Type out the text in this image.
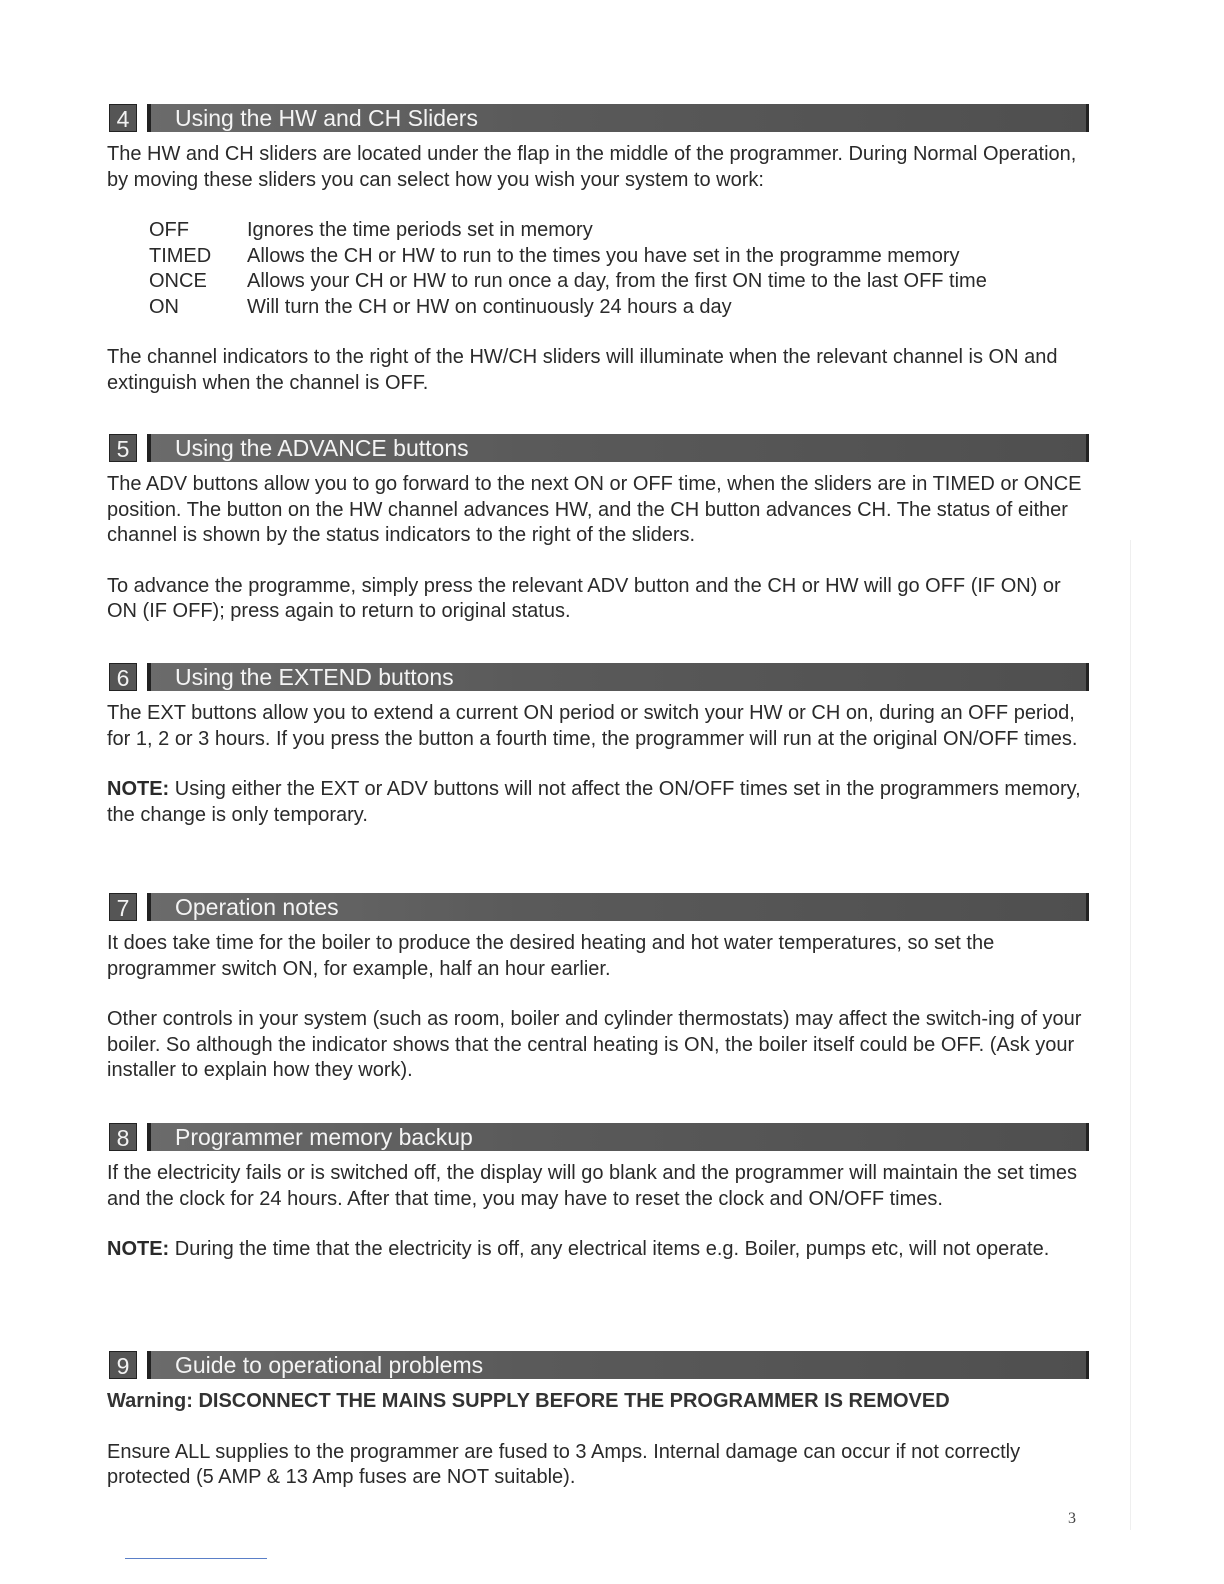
4	Using the HW and CH Sliders

The HW and CH sliders are located under the flap in the middle of the programmer. During Normal Operation, by moving these sliders you can select how you wish your system to work:

OFF	Ignores the time periods set in memory
TIMED	Allows the CH or HW to run to the times you have set in the programme memory
ONCE	Allows your CH or HW to run once a day, from the first ON time to the last OFF time
ON	Will turn the CH or HW on continuously 24 hours a day

The channel indicators to the right of the HW/CH sliders will illuminate when the relevant channel is ON and extinguish when the channel is OFF.

5	Using the ADVANCE buttons

The ADV buttons allow you to go forward to the next ON or OFF time, when the sliders are in TIMED or ONCE position. The button on the HW channel advances HW, and the CH button advances CH. The status of either channel is shown by the status indicators to the right of the sliders.

To advance the programme, simply press the relevant ADV button and the CH or HW will go OFF (IF ON) or ON (IF OFF); press again to return to original status.

6	Using the EXTEND buttons

The EXT buttons allow you to extend a current ON period or switch your HW or CH on, during an OFF period, for 1, 2 or 3 hours. If you press the button a fourth time, the programmer will run at the original ON/OFF times.

NOTE: Using either the EXT or ADV buttons will not affect the ON/OFF times set in the programmers memory, the change is only temporary.

7	Operation notes

It does take time for the boiler to produce the desired heating and hot water temperatures, so set the programmer switch ON, for example, half an hour earlier.

Other controls in your system (such as room, boiler and cylinder thermostats) may affect the switch-ing of your boiler. So although the indicator shows that the central heating is ON, the boiler itself could be OFF. (Ask your installer to explain how they work).

8	Programmer memory backup

If the electricity fails or is switched off, the display will go blank and the programmer will maintain the set times and the clock for 24 hours. After that time, you may have to reset the clock and ON/OFF times.

NOTE: During the time that the electricity is off, any electrical items e.g. Boiler, pumps etc, will not operate.

9	Guide to operational problems

Warning: DISCONNECT THE MAINS SUPPLY BEFORE THE PROGRAMMER IS REMOVED

Ensure ALL supplies to the programmer are fused to 3 Amps. Internal damage can occur if not correctly protected (5 AMP & 13 Amp fuses are NOT suitable).

3
